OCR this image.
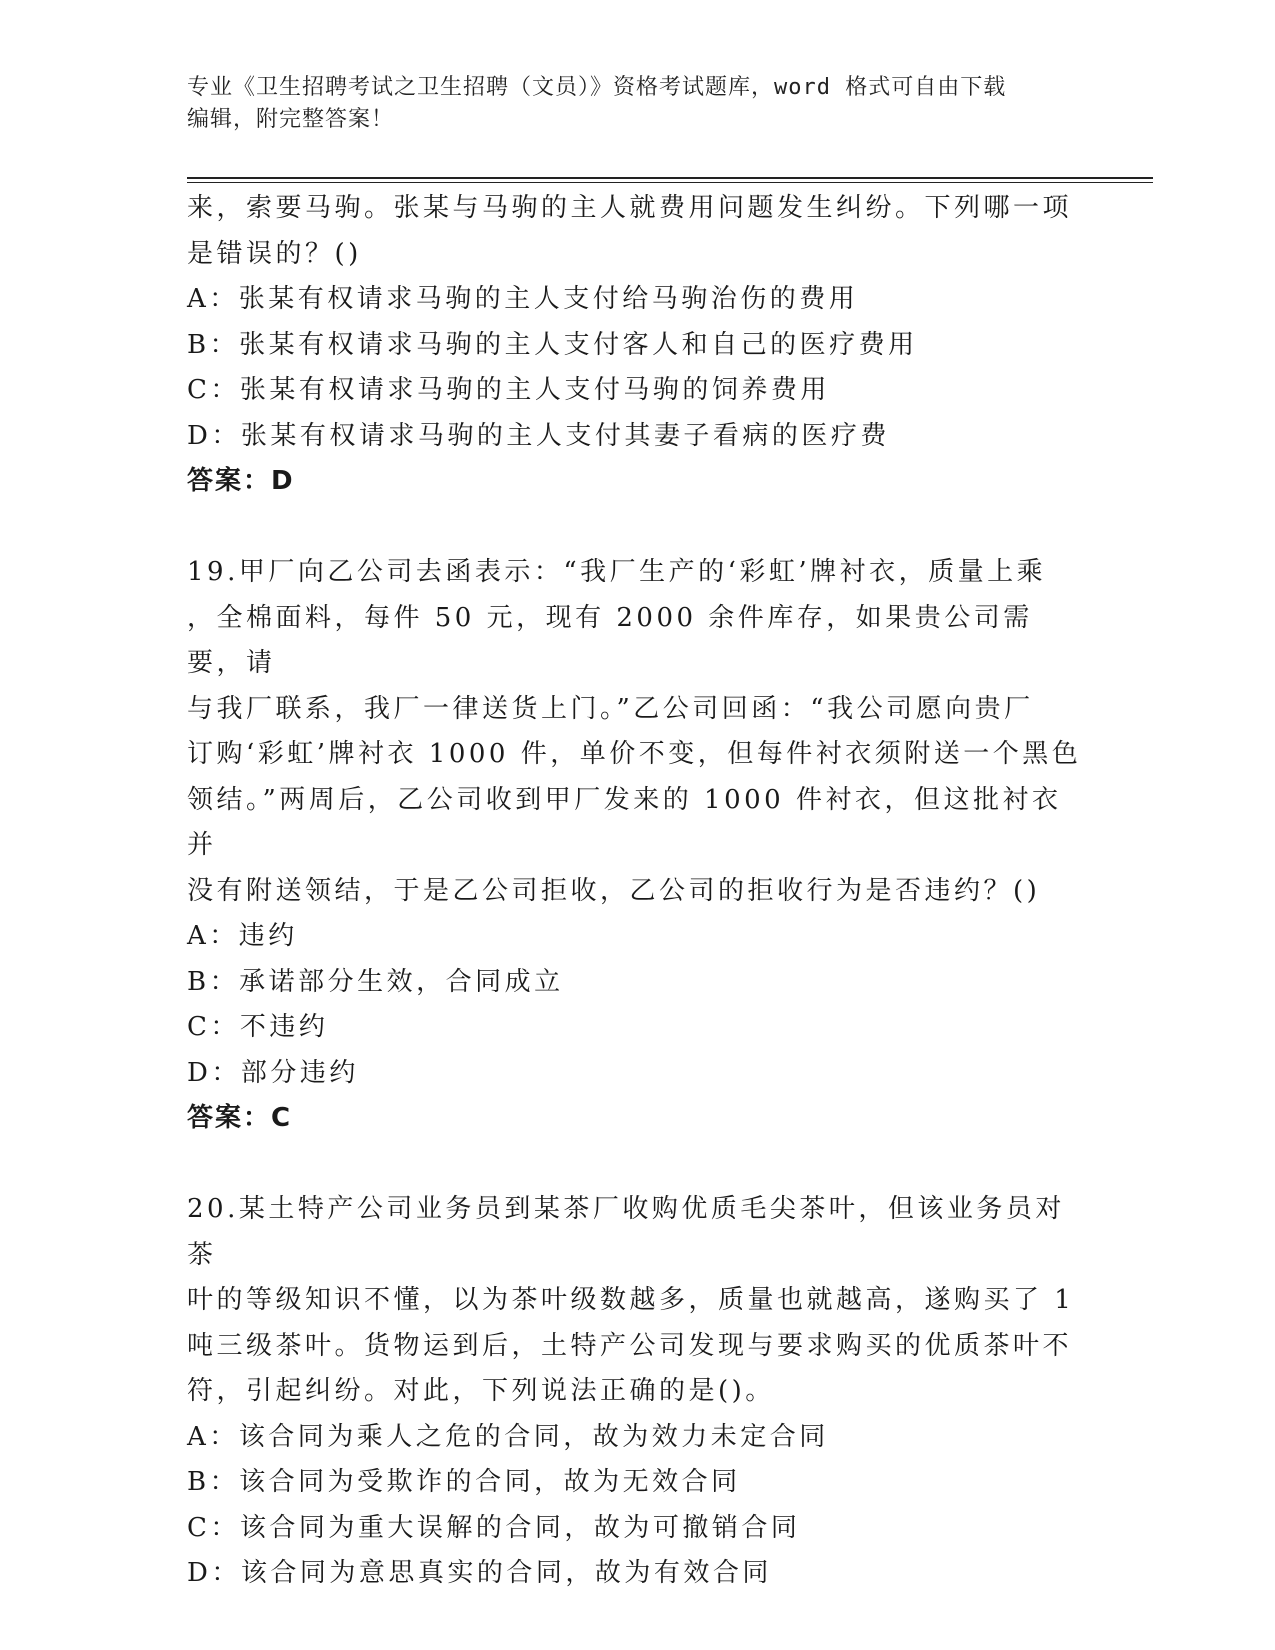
专业《卫生招聘考试之卫生招聘（文员）》资格考试题库，word 格式可自由下载
编辑，附完整答案！

来，索要马驹。张某与马驹的主人就费用问题发生纠纷。下列哪一项

是错误的？()

A：张某有权请求马驹的主人支付给马驹治伤的费用

B：张某有权请求马驹的主人支付客人和自己的医疗费用

C：张某有权请求马驹的主人支付马驹的饲养费用

D：张某有权请求马驹的主人支付其妻子看病的医疗费

答案：D

19.甲厂向乙公司去函表示：“我厂生产的‘彩虹’牌衬衣，质量上乘

，全棉面料，每件 50 元，现有 2000 余件库存，如果贵公司需要，请

与我厂联系，我厂一律送货上门。”乙公司回函：“我公司愿向贵厂

订购‘彩虹’牌衬衣 1000 件，单价不变，但每件衬衣须附送一个黑色

领结。”两周后，乙公司收到甲厂发来的 1000 件衬衣，但这批衬衣并

没有附送领结，于是乙公司拒收，乙公司的拒收行为是否违约？()

A：违约

B：承诺部分生效，合同成立

C：不违约

D：部分违约

答案：C

20.某土特产公司业务员到某茶厂收购优质毛尖茶叶，但该业务员对茶

叶的等级知识不懂，以为茶叶级数越多，质量也就越高，遂购买了 1

吨三级茶叶。货物运到后，土特产公司发现与要求购买的优质茶叶不

符，引起纠纷。对此，下列说法正确的是()。

A：该合同为乘人之危的合同，故为效力未定合同

B：该合同为受欺诈的合同，故为无效合同

C：该合同为重大误解的合同，故为可撤销合同

D：该合同为意思真实的合同，故为有效合同
